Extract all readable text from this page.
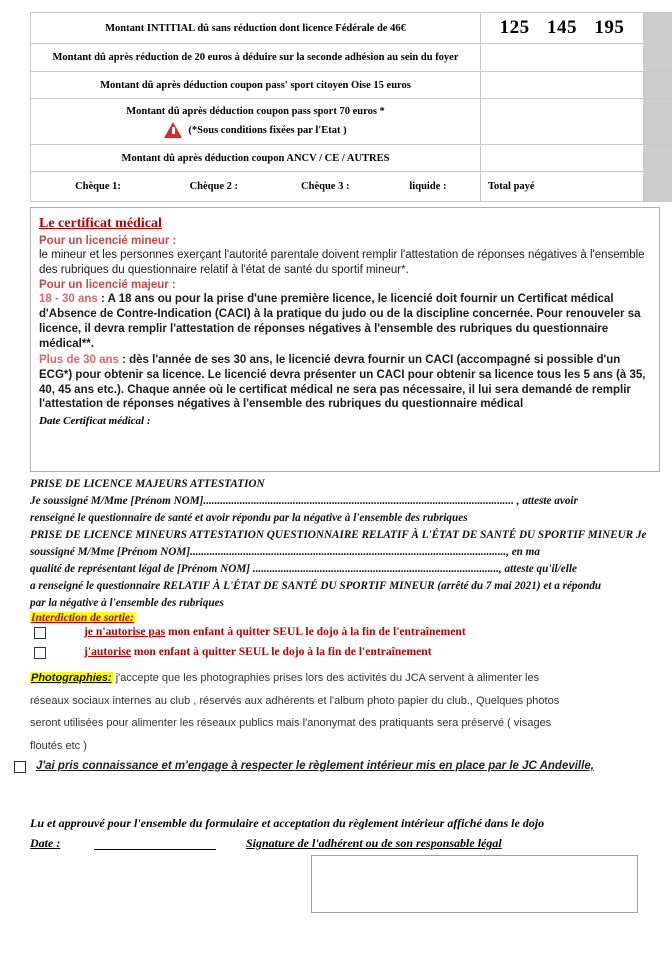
Montant INTITIAL dû sans réduction dont licence Fédérale de 46€	125 145 195	

Montant dû après réduction de 20 euros à déduire sur la seconde adhésion au sein du foyer		
Montant dû après déduction coupon pass' sport citoyen Oise 15 euros		

Montant dû après déduction coupon pass sport 70 euros *
(*Sous conditions fixées par l'Etat )		

Montant dû après déduction coupon ANCV / CE / AUTRES		

Chèque 1: Chèque 2 : Chèque 3 : liquide :	Total payé	
Le certificat médical
Pour un licencié mineur :
le mineur et les personnes exerçant l'autorité parentale doivent remplir l'attestation de réponses négatives à l'ensemble des rubriques du questionnaire relatif à l'état de santé du sportif mineur*.
Pour un licencié majeur :
18 - 30 ans : A 18 ans ou pour la prise d'une première licence, le licencié doit fournir un Certificat médical d'Absence de Contre-Indication (CACI) à la pratique du judo ou de la discipline concernée. Pour renouveler sa licence, il devra remplir l'attestation de réponses négatives à l'ensemble des rubriques du questionnaire médical**.
Plus de 30 ans : dès l'année de ses 30 ans, le licencié devra fournir un CACI (accompagné si possible d'un ECG*) pour obtenir sa licence. Le licencié devra présenter un CACI pour obtenir sa licence tous les 5 ans (à 35, 40, 45 ans etc.). Chaque année où le certificat médical ne sera pas nécessaire, il lui sera demandé de remplir l'attestation de réponses négatives à l'ensemble des rubriques du questionnaire médical
Date Certificat médical :
PRISE DE LICENCE MAJEURS ATTESTATION
Je soussigné M/Mme [Prénom NOM]............................................................................................................... , atteste avoir
renseigné le questionnaire de santé et avoir répondu par la négative à l'ensemble des rubriques
PRISE DE LICENCE MINEURS ATTESTATION QUESTIONNAIRE RELATIF À L'ÉTAT DE SANTÉ DU SPORTIF MINEUR Je
soussigné M/Mme [Prénom NOM]................................................................................................................., en ma
qualité de représentant légal de [Prénom NOM] ........................................................................................, atteste qu'il/elle
a renseigné le questionnaire RELATIF À L'ÉTAT DE SANTÉ DU SPORTIF MINEUR (arrêté du 7 mai 2021) et a répondu
par la négative à l'ensemble des rubriques
Interdiction de sortie:
je n'autorise pas mon enfant à quitter SEUL le dojo à la fin de l'entraînement
j'autorise mon enfant à quitter SEUL le dojo à la fin de l'entraînement
Photographies: j'accepte que les photographies prises lors des activités du JCA servent à alimenter les
réseaux sociaux internes au club , réservés aux adhérents et l'album photo papier du club., Quelques photos
seront utilisées pour alimenter les réseaux publics mais l'anonymat des pratiquants sera préservé ( visages
floutés etc )
J'ai pris connaissance et m'engage à respecter le règlement intérieur mis en place par le JC Andeville,
Lu et approuvé pour l'ensemble du formulaire et acceptation du règlement intérieur affiché dans le dojo
Date :	Signature de l'adhérent ou de son responsable légal
